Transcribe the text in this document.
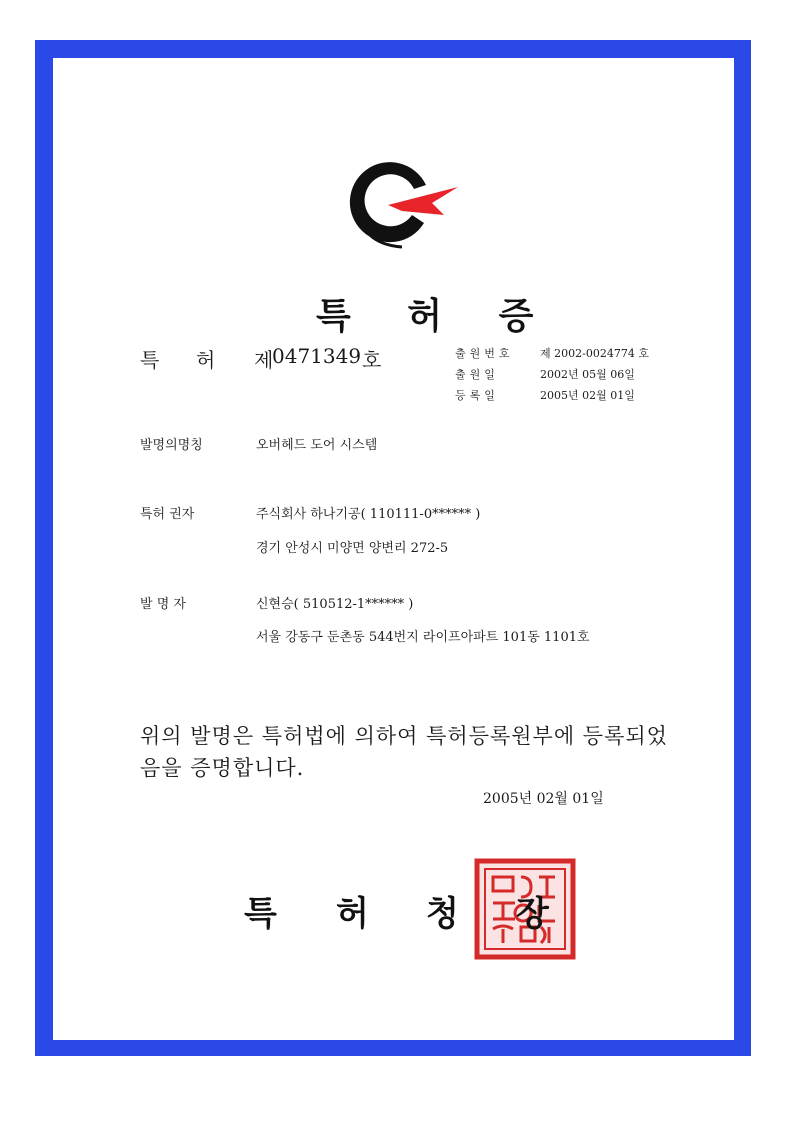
특 허 증
특 허 제
0471349 호	출원번호 제 2002-0024774 호
출원일	2002년 05월 06일
등록일	2005년 02월 01일
발명의명칭	오버헤드 도어 시스템
특허 권자	주식회사 하나기공( 110111-0****** )
경기 안성시 미양면 양변리 272-5
발 명 자	신현승( 510512-1****** )
서울 강동구 둔촌동 544번지 라이프아파트 101동 1101호
위의 발명은 특허법에 의하여 특허등록원부에 등록되었음을 증명합니다.
2005년 02월 01일
특 허 청 장
